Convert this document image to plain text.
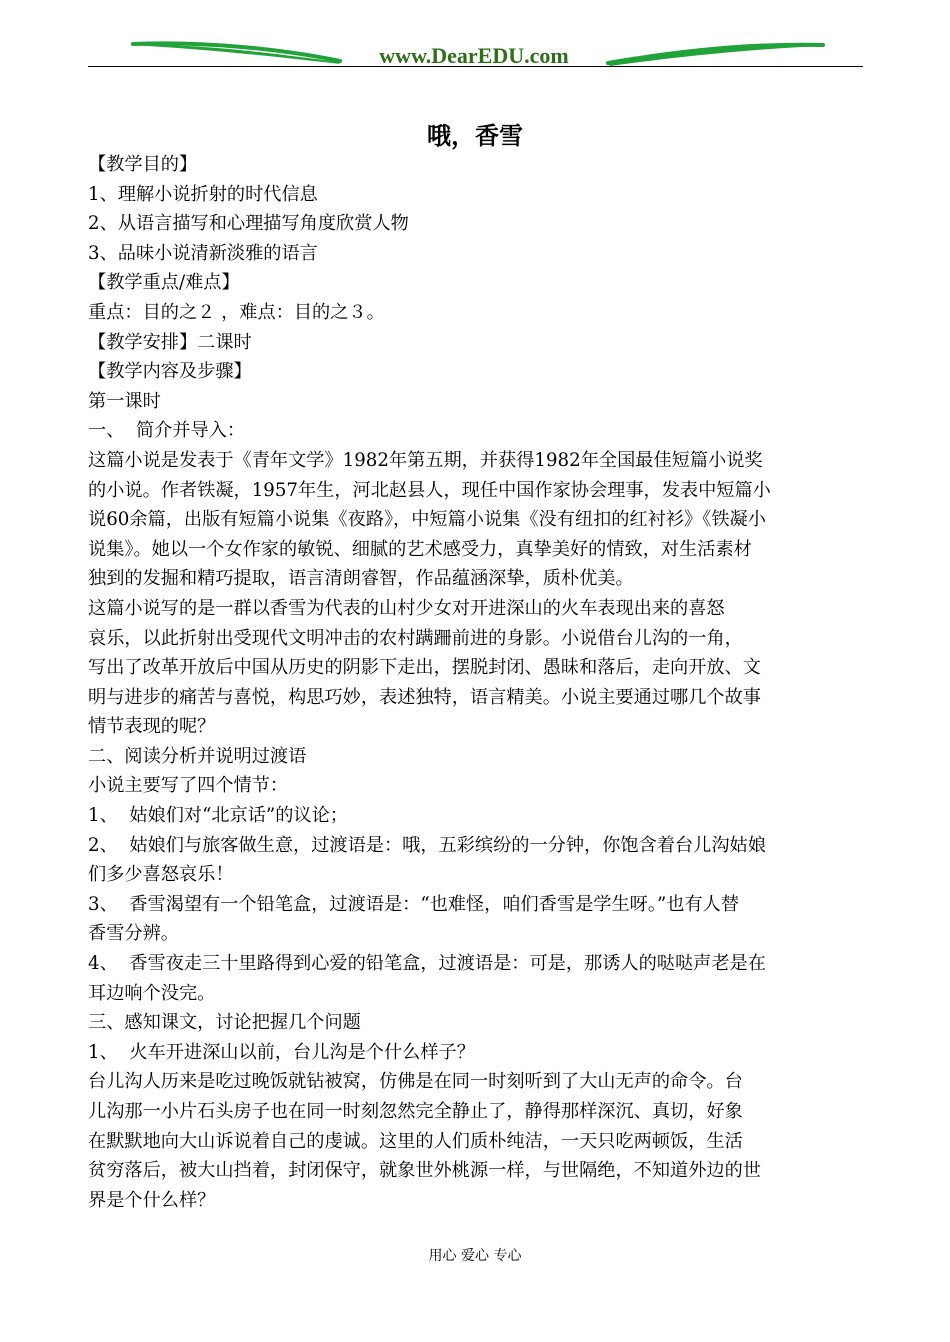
www.DearEDU.com
哦，香雪
【教学目的】
1、理解小说折射的时代信息
2、从语言描写和心理描写角度欣赏人物
3、品味小说清新淡雅的语言
【教学重点/难点】
重点：目的之２ ，难点：目的之３。
【教学安排】二课时
【教学内容及步骤】
第一课时
一、  简介并导入：
这篇小说是发表于《青年文学》1982年第五期，并获得1982年全国最佳短篇小说奖
的小说。作者铁凝，1957年生，河北赵县人，现任中国作家协会理事，发表中短篇小
说60余篇，出版有短篇小说集《夜路》，中短篇小说集《没有纽扣的红衬衫》《铁凝小
说集》。她以一个女作家的敏锐、细腻的艺术感受力，真挚美好的情致，对生活素材
独到的发掘和精巧提取，语言清朗睿智，作品蕴涵深挚，质朴优美。
这篇小说写的是一群以香雪为代表的山村少女对开进深山的火车表现出来的喜怒
哀乐，以此折射出受现代文明冲击的农村蹒跚前进的身影。小说借台儿沟的一角，
写出了改革开放后中国从历史的阴影下走出，摆脱封闭、愚昧和落后，走向开放、文
明与进步的痛苦与喜悦，构思巧妙，表述独特，语言精美。小说主要通过哪几个故事
情节表现的呢？
二、阅读分析并说明过渡语
小说主要写了四个情节：
1、  姑娘们对“北京话”的议论；
2、  姑娘们与旅客做生意，过渡语是：哦，五彩缤纷的一分钟，你饱含着台儿沟姑娘
们多少喜怒哀乐！
3、  香雪渴望有一个铅笔盒，过渡语是：“也难怪，咱们香雪是学生呀。”也有人替
香雪分辨。
4、  香雪夜走三十里路得到心爱的铅笔盒，过渡语是：可是，那诱人的哒哒声老是在
耳边响个没完。
三、感知课文，讨论把握几个问题
1、  火车开进深山以前，台儿沟是个什么样子？
台儿沟人历来是吃过晚饭就钻被窝，仿佛是在同一时刻听到了大山无声的命令。台
儿沟那一小片石头房子也在同一时刻忽然完全静止了，静得那样深沉、真切，好象
在默默地向大山诉说着自己的虔诚。这里的人们质朴纯洁，一天只吃两顿饭，生活
贫穷落后，被大山挡着，封闭保守，就象世外桃源一样，与世隔绝，不知道外边的世
界是个什么样？
用心 爱心 专心
